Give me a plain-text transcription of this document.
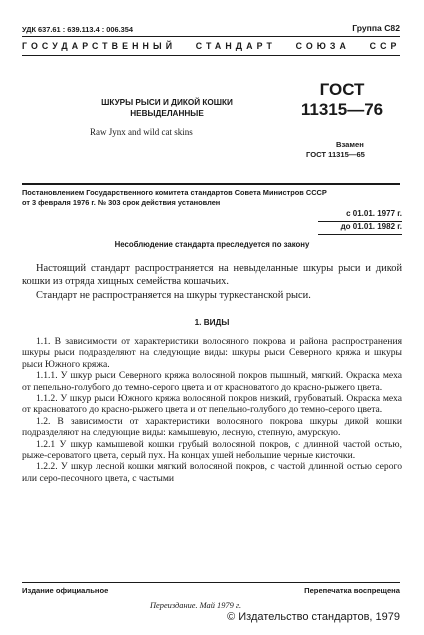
УДК 637.61 : 639.113.4 : 006.354	Группа С82
ГОСУДАРСТВЕННЫЙ   СТАНДАРТ   СОЮЗА   ССР
ШКУРЫ РЫСИ И ДИКОЙ КОШКИ
НЕВЫДЕЛАННЫЕ
Raw Jynx and wild cat skins
ГОСТ
11315—76
Взамен
ГОСТ 11315—65
Постановлением Государственного комитета стандартов Совета Министров СССР
от 3 февраля 1976 г. № 303 срок действия установлен
с 01.01. 1977 г.
до 01.01. 1982 г.
Несоблюдение стандарта преследуется по закону

Настоящий стандарт распространяется на невыделанные шкуры рыси и дикой кошки из отряда хищных семейства кошачьих.

Стандарт не распространяется на шкуры туркестанской рыси.

1. ВИДЫ

1.1. В зависимости от характеристики волосяного покрова и района распространения шкуры рыси подразделяют на следующие виды: шкуры рыси Северного кряжа и шкуры рыси Южного кряжа.

1.1.1. У шкур рыси Северного кряжа волосяной покров пышный, мягкий. Окраска меха от пепельно-голубого до темно-серого цвета и от красноватого до красно-рыжего цвета.

1.1.2. У шкур рыси Южного кряжа волосяной покров низкий, грубоватый. Окраска меха от красноватого до красно-рыжего цвета и от пепельно-голубого до темно-серого цвета.

1.2. В зависимости от характеристики волосяного покрова шкуры дикой кошки подразделяют на следующие виды: камышевую, лесную, степную, амурскую.

1.2.1 У шкур камышевой кошки грубый волосяной покров, с длинной частой остью, рыже-сероватого цвета, серый пух. На концах ушей небольшие черные кисточки.

1.2.2. У шкур лесной кошки мягкий волосяной покров, с частой длинной остью серого или серо-песочного цвета, с частыми

Издание официальное	Перепечатка воспрещена
Переиздание. Май 1979 г.
© Издательство стандартов, 1979
